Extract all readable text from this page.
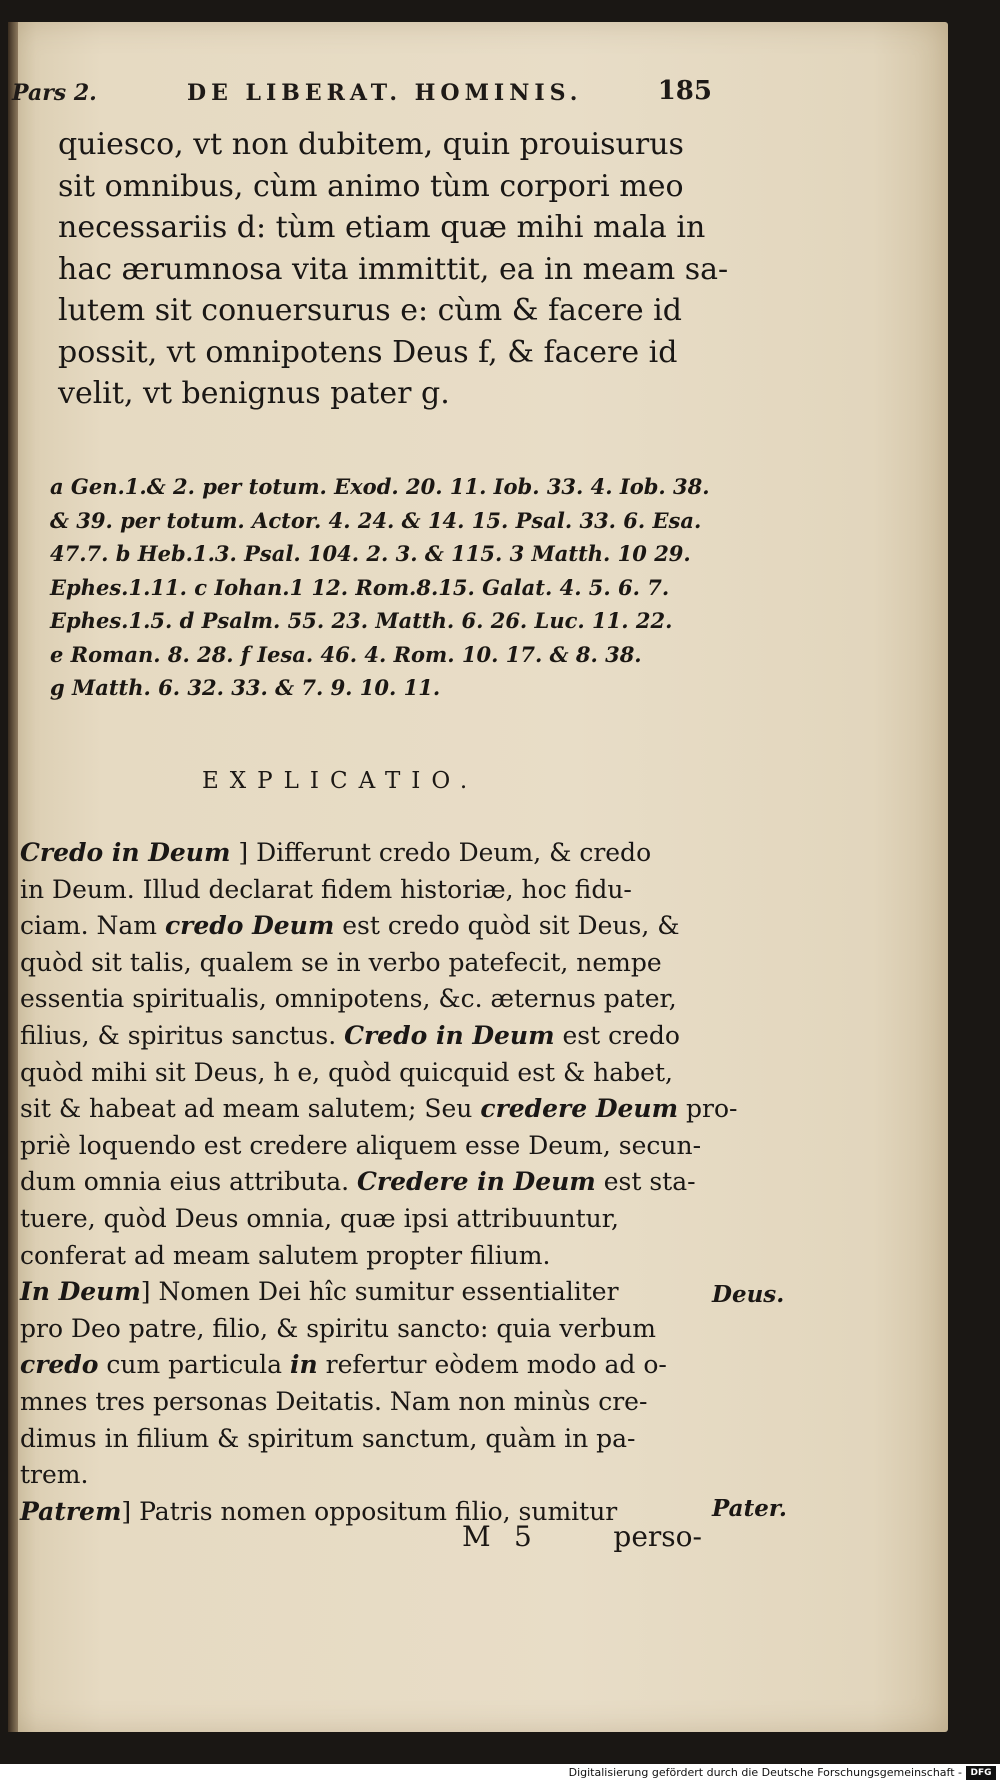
Pars 2.	DE LIBERAT. HOMINIS.	185
quiesco, vt non dubitem, quin prouisurus
sit omnibus, cùm animo tùm corpori meo
necessariis d: tùm etiam quæ mihi mala in
hac ærumnosa vita immittit, ea in meam sa-
lutem sit conuersurus e: cùm & facere id
possit, vt omnipotens Deus f, & facere id
velit, vt benignus pater g.
a Gen.1.& 2. per totum. Exod. 20. 11. Iob. 33. 4. Iob. 38.
& 39. per totum. Actor. 4. 24. & 14. 15. Psal. 33. 6. Esa.
47.7. b Heb.1.3. Psal. 104. 2. 3. & 115. 3 Matth. 10 29.
Ephes.1.11. c Iohan.1 12. Rom.8.15. Galat. 4. 5. 6. 7.
Ephes.1.5. d Psalm. 55. 23. Matth. 6. 26. Luc. 11. 22.
e Roman. 8. 28. f Iesa. 46. 4. Rom. 10. 17. & 8. 38.
g Matth. 6. 32. 33. & 7. 9. 10. 11.
EXPLICATIO.
Credo in Deum ] Differunt credo Deum, & credo
in Deum. Illud declarat fidem historiæ, hoc fidu-
ciam. Nam credo Deum est credo quòd sit Deus, &
quòd sit talis, qualem se in verbo patefecit, nempe
essentia spiritualis, omnipotens, &c. æternus pater,
filius, & spiritus sanctus. Credo in Deum est credo
quòd mihi sit Deus, h e, quòd quicquid est & habet,
sit & habeat ad meam salutem; Seu credere Deum pro-
priè loquendo est credere aliquem esse Deum, secun-
dum omnia eius attributa. Credere in Deum est sta-
tuere, quòd Deus omnia, quæ ipsi attribuuntur,
conferat ad meam salutem propter filium.
In Deum] Nomen Dei hîc sumitur essentialiter
pro Deo patre, filio, & spiritu sancto: quia verbum
credo cum particula in refertur eòdem modo ad o-
mnes tres personas Deitatis. Nam non minùs cre-
dimus in filium & spiritum sanctum, quàm in pa-
trem.
Patrem] Patris nomen oppositum filio, sumitur
Deus.
Pater.
M 5	perso-
Digitalisierung gefördert durch die Deutsche Forschungsgemeinschaft - DFG
